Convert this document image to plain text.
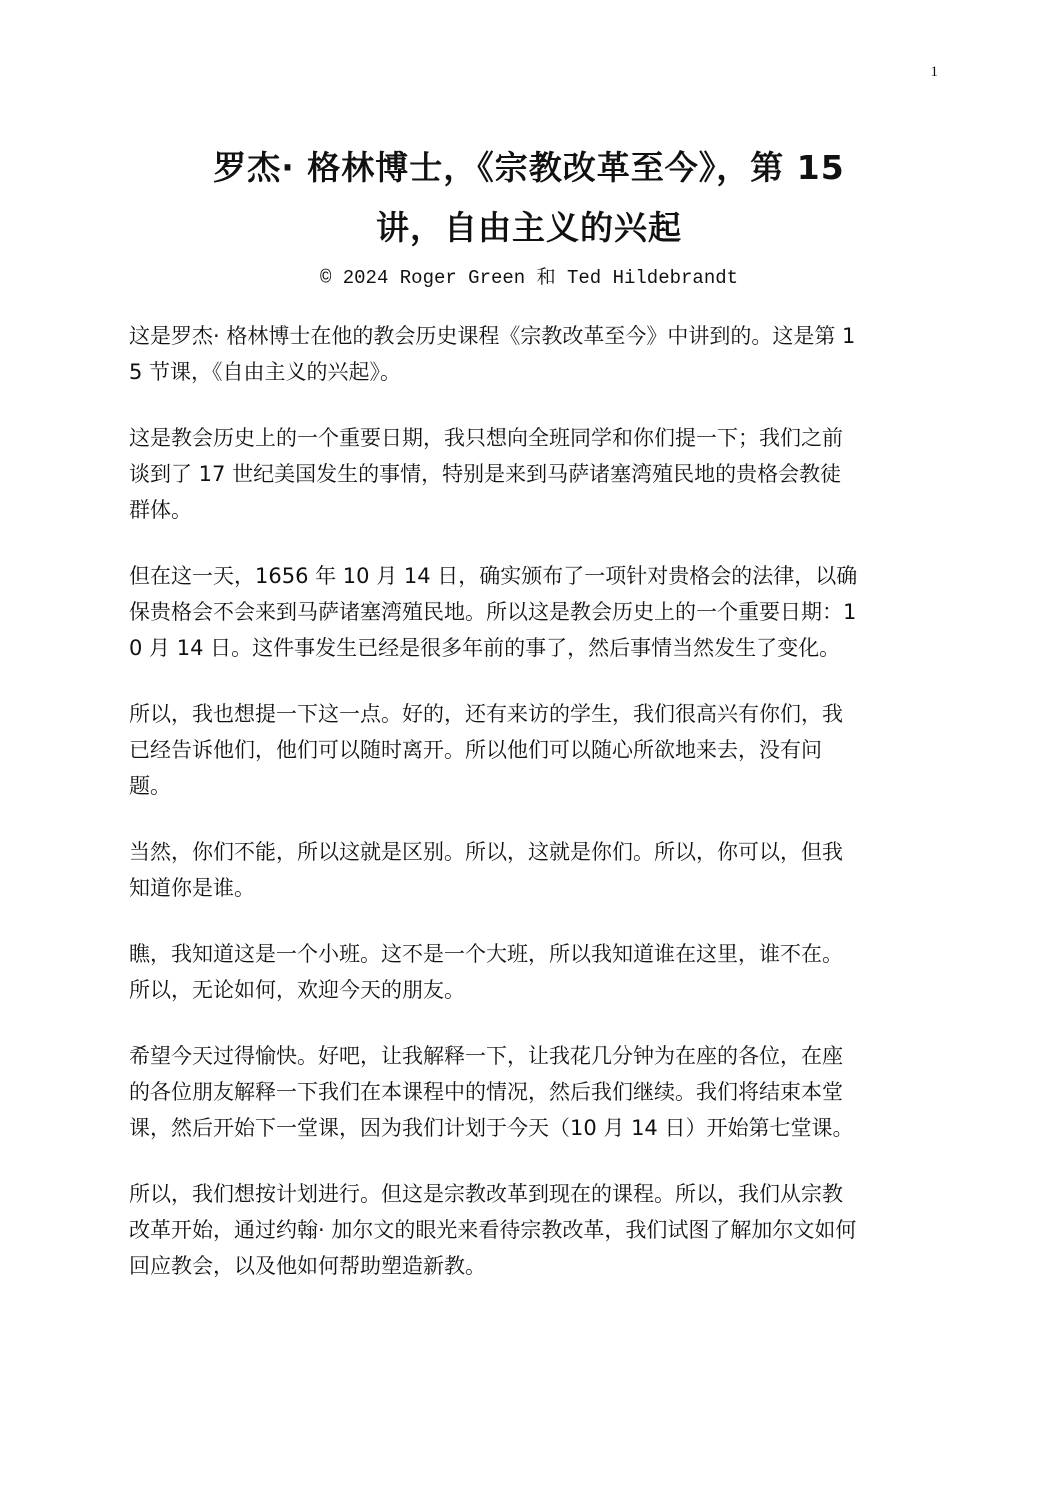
1
罗杰· 格林博士，《宗教改革至今》，第 15
讲，自由主义的兴起
© 2024 Roger Green 和 Ted Hildebrandt

这是罗杰· 格林博士在他的教会历史课程《宗教改革至今》中讲到的。这是第 1
5 节课，《自由主义的兴起》。

这是教会历史上的一个重要日期，我只想向全班同学和你们提一下；我们之前
谈到了 17 世纪美国发生的事情，特别是来到马萨诸塞湾殖民地的贵格会教徒
群体。

但在这一天，1656 年 10 月 14 日，确实颁布了一项针对贵格会的法律，以确
保贵格会不会来到马萨诸塞湾殖民地。所以这是教会历史上的一个重要日期：1
0 月 14 日。这件事发生已经是很多年前的事了，然后事情当然发生了变化。

所以，我也想提一下这一点。好的，还有来访的学生，我们很高兴有你们，我
已经告诉他们，他们可以随时离开。所以他们可以随心所欲地来去，没有问
题。

当然，你们不能，所以这就是区别。所以，这就是你们。所以，你可以，但我
知道你是谁。

瞧，我知道这是一个小班。这不是一个大班，所以我知道谁在这里，谁不在。
所以，无论如何，欢迎今天的朋友。

希望今天过得愉快。好吧，让我解释一下，让我花几分钟为在座的各位，在座
的各位朋友解释一下我们在本课程中的情况，然后我们继续。我们将结束本堂
课，然后开始下一堂课，因为我们计划于今天（10 月 14 日）开始第七堂课。

所以，我们想按计划进行。但这是宗教改革到现在的课程。所以，我们从宗教
改革开始，通过约翰· 加尔文的眼光来看待宗教改革，我们试图了解加尔文如何
回应教会，以及他如何帮助塑造新教。
